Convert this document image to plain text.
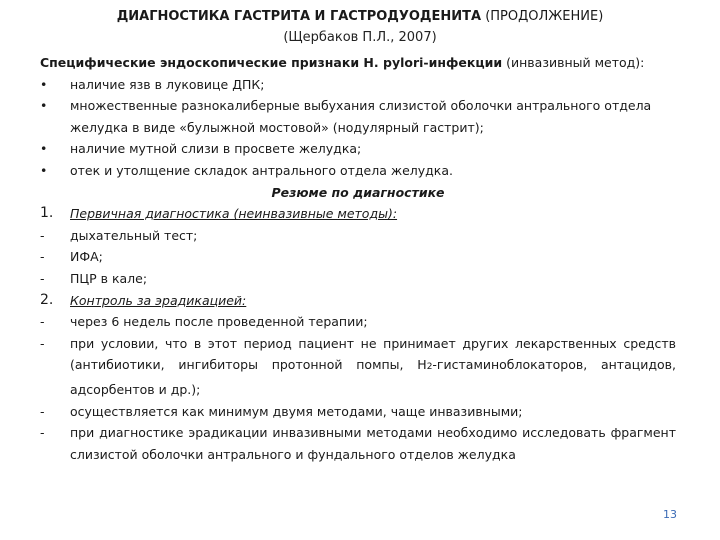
ДИАГНОСТИКА ГАСТРИТА И ГАСТРОДУОДЕНИТА (ПРОДОЛЖЕНИЕ)
(Щербаков П.Л., 2007)

Специфические эндоскопические признаки H. pylori-инфекции (инвазивный метод):

•	наличие язв в луковице ДПК;
•	множественные разнокалиберные выбухания слизистой оболочки антрального отдела желудка в виде «булыжной мостовой» (нодулярный гастрит);
•	наличие мутной слизи в просвете желудка;
•	отек и утолщение складок антрального отдела желудка.

Резюме по диагностике

1.	Первичная диагностика (неинвазивные методы):
-	дыхательный тест;
-	ИФА;
-	ПЦР в кале;
2.	Контроль за эрадикацией:
-	через 6 недель после проведенной терапии;
-	при условии, что в этот период пациент не принимает других лекарственных средств (антибиотики, ингибиторы протонной помпы, H2-гистаминоблокаторов, антацидов, адсорбентов и др.);
-	осуществляется как минимум двумя методами, чаще инвазивными;
-	при диагностике эрадикации инвазивными методами необходимо исследовать фрагмент слизистой оболочки антрального и фундального отделов желудка
13
